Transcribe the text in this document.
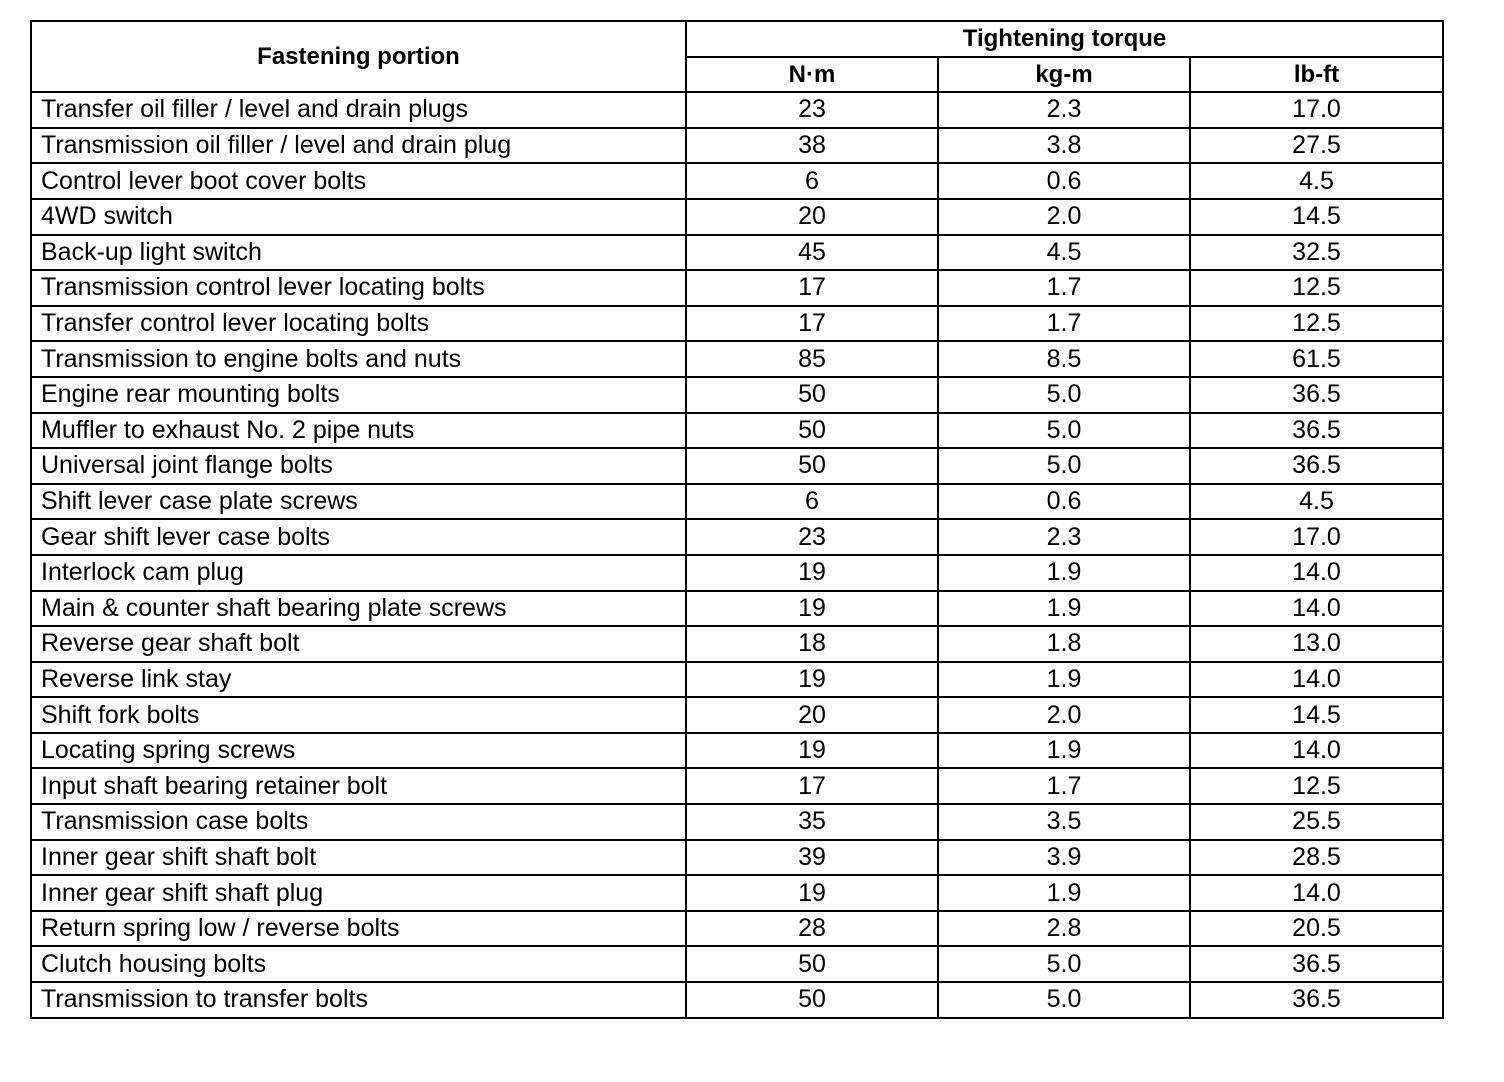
Fastening portion	Tightening torque		
	N·m	kg-m	lb-ft
Transfer oil filler / level and drain plugs	23	2.3	17.0
Transmission oil filler / level and drain plug	38	3.8	27.5
Control lever boot cover bolts	6	0.6	4.5
4WD switch	20	2.0	14.5
Back-up light switch	45	4.5	32.5
Transmission control lever locating bolts	17	1.7	12.5
Transfer control lever locating bolts	17	1.7	12.5
Transmission to engine bolts and nuts	85	8.5	61.5
Engine rear mounting bolts	50	5.0	36.5
Muffler to exhaust No. 2 pipe nuts	50	5.0	36.5
Universal joint flange bolts	50	5.0	36.5
Shift lever case plate screws	6	0.6	4.5
Gear shift lever case bolts	23	2.3	17.0
Interlock cam plug	19	1.9	14.0
Main & counter shaft bearing plate screws	19	1.9	14.0
Reverse gear shaft bolt	18	1.8	13.0
Reverse link stay	19	1.9	14.0
Shift fork bolts	20	2.0	14.5
Locating spring screws	19	1.9	14.0
Input shaft bearing retainer bolt	17	1.7	12.5
Transmission case bolts	35	3.5	25.5
Inner gear shift shaft bolt	39	3.9	28.5
Inner gear shift shaft plug	19	1.9	14.0
Return spring low / reverse bolts	28	2.8	20.5
Clutch housing bolts	50	5.0	36.5
Transmission to transfer bolts	50	5.0	36.5
